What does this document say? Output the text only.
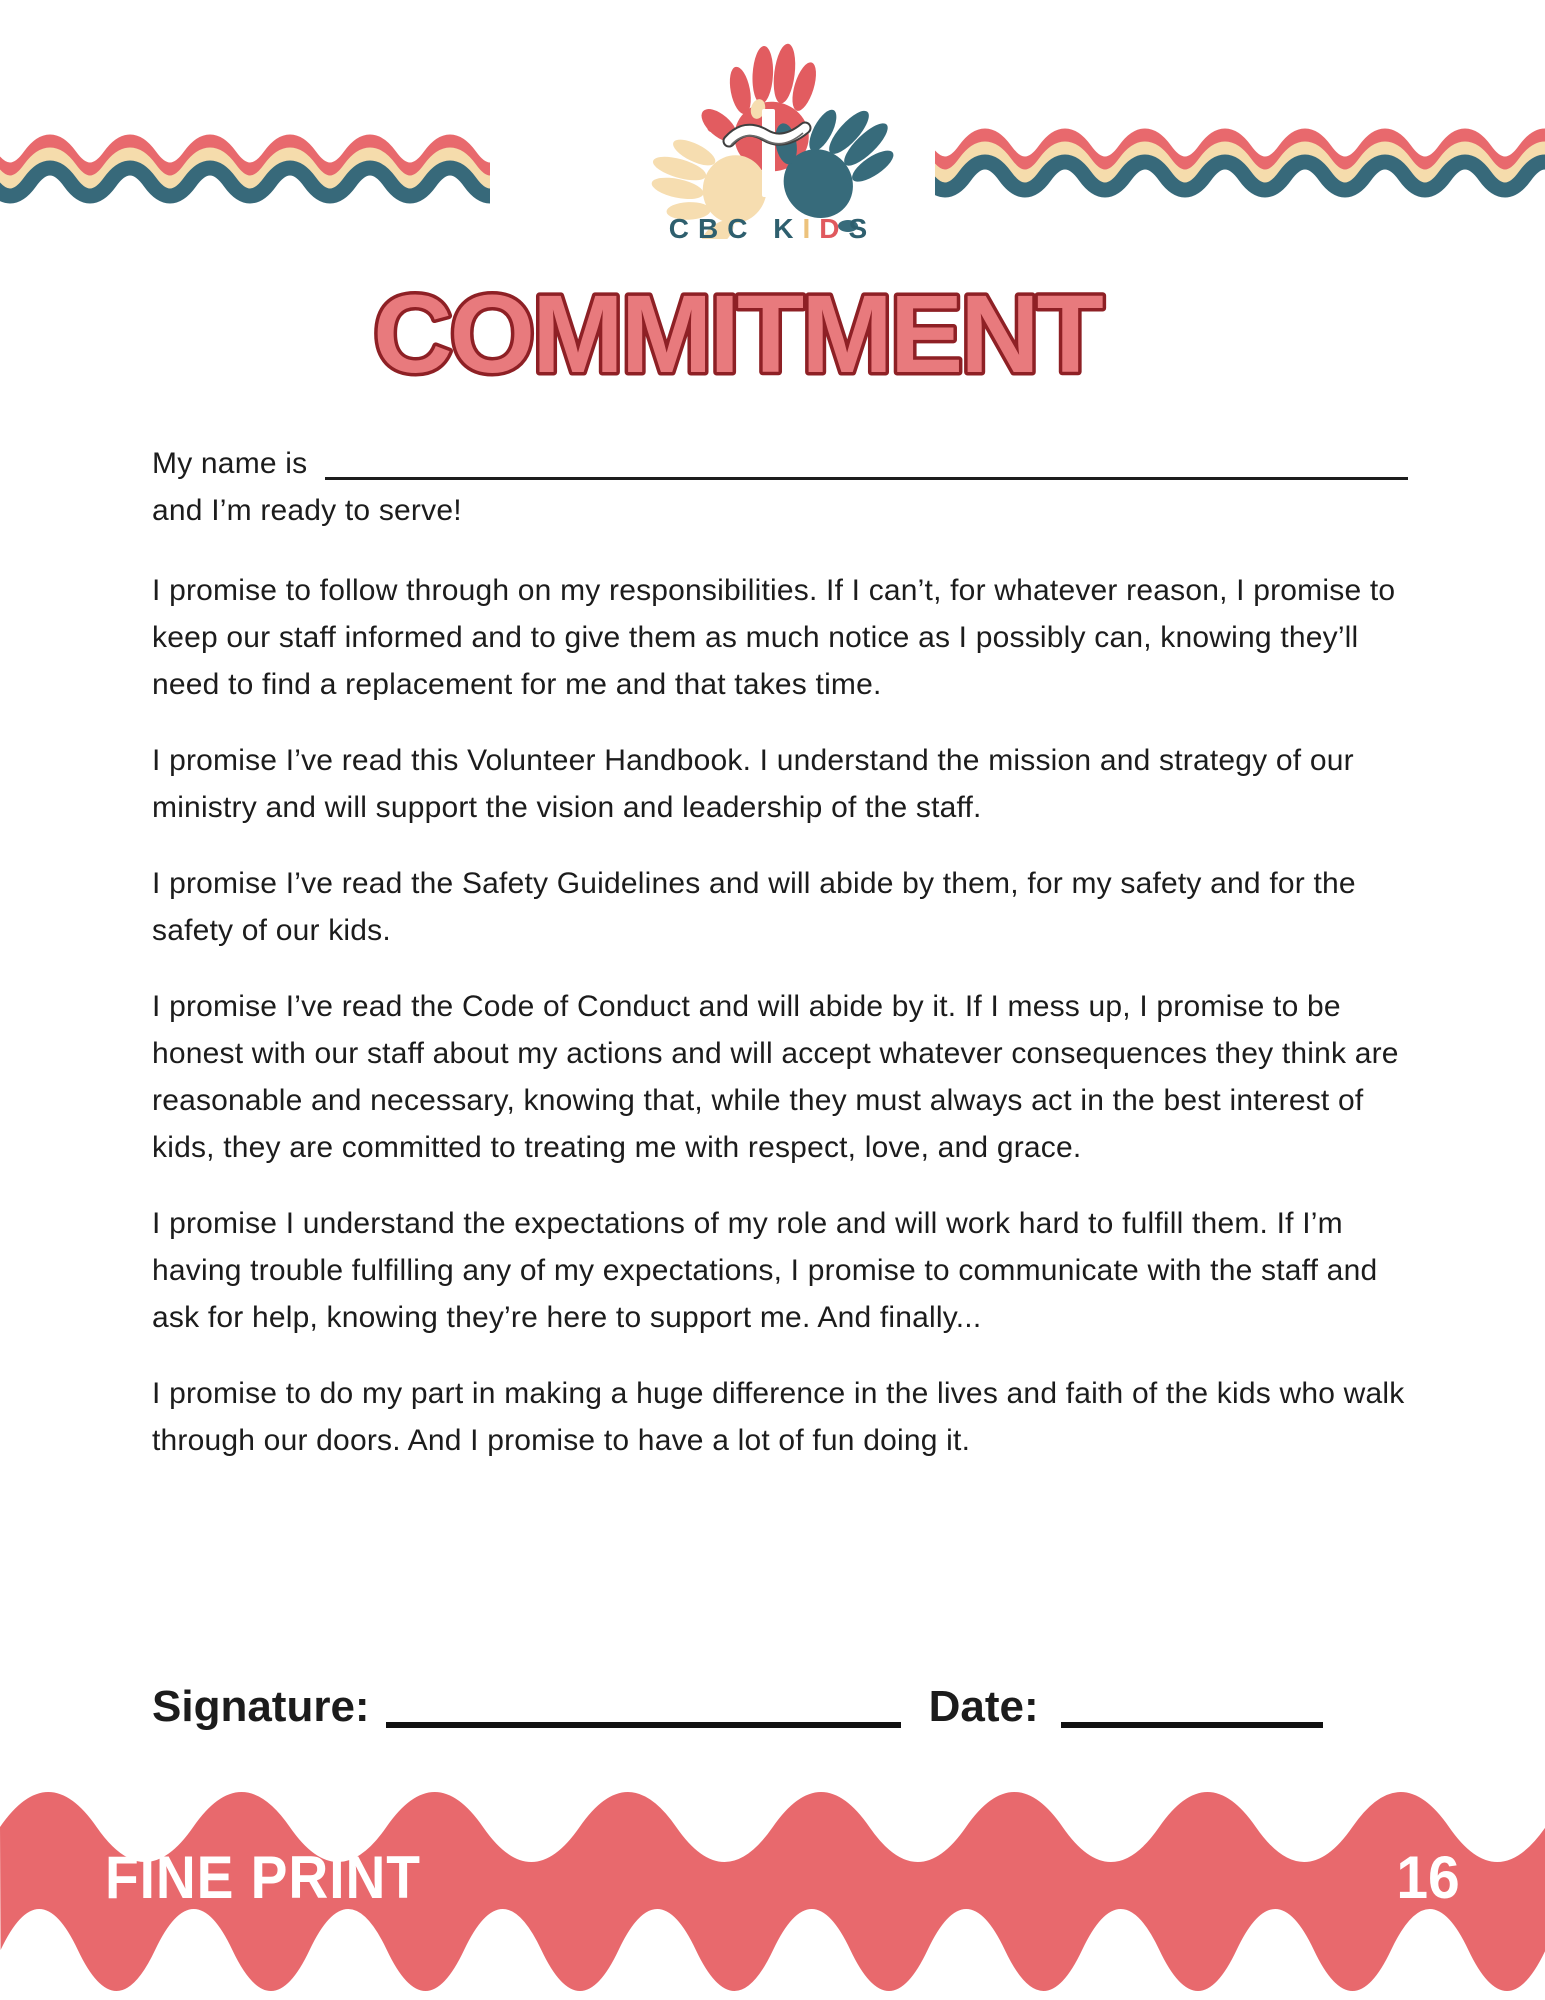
CBC KIDS
COMMITMENT
My name is
and I’m ready to serve!

I promise to follow through on my responsibilities. If I can’t, for whatever reason, I promise to keep our staff informed and to give them as much notice as I possibly can, knowing they’ll need to find a replacement for me and that takes time.

I promise I’ve read this Volunteer Handbook. I understand the mission and strategy of our ministry and will support the vision and leadership of the staff.

I promise I’ve read the Safety Guidelines and will abide by them, for my safety and for the safety of our kids.

I promise I’ve read the Code of Conduct and will abide by it. If I mess up, I promise to be honest with our staff about my actions and will accept whatever consequences they think are reasonable and necessary, knowing that, while they must always act in the best interest of kids, they are committed to treating me with respect, love, and grace.

I promise I understand the expectations of my role and will work hard to fulfill them. If I’m having trouble fulfilling any of my expectations, I promise to communicate with the staff and ask for help, knowing they’re here to support me. And finally...

I promise to do my part in making a huge difference in the lives and faith of the kids who walk through our doors. And I promise to have a lot of fun doing it.

Signature:	Date:
FINE PRINT	16
